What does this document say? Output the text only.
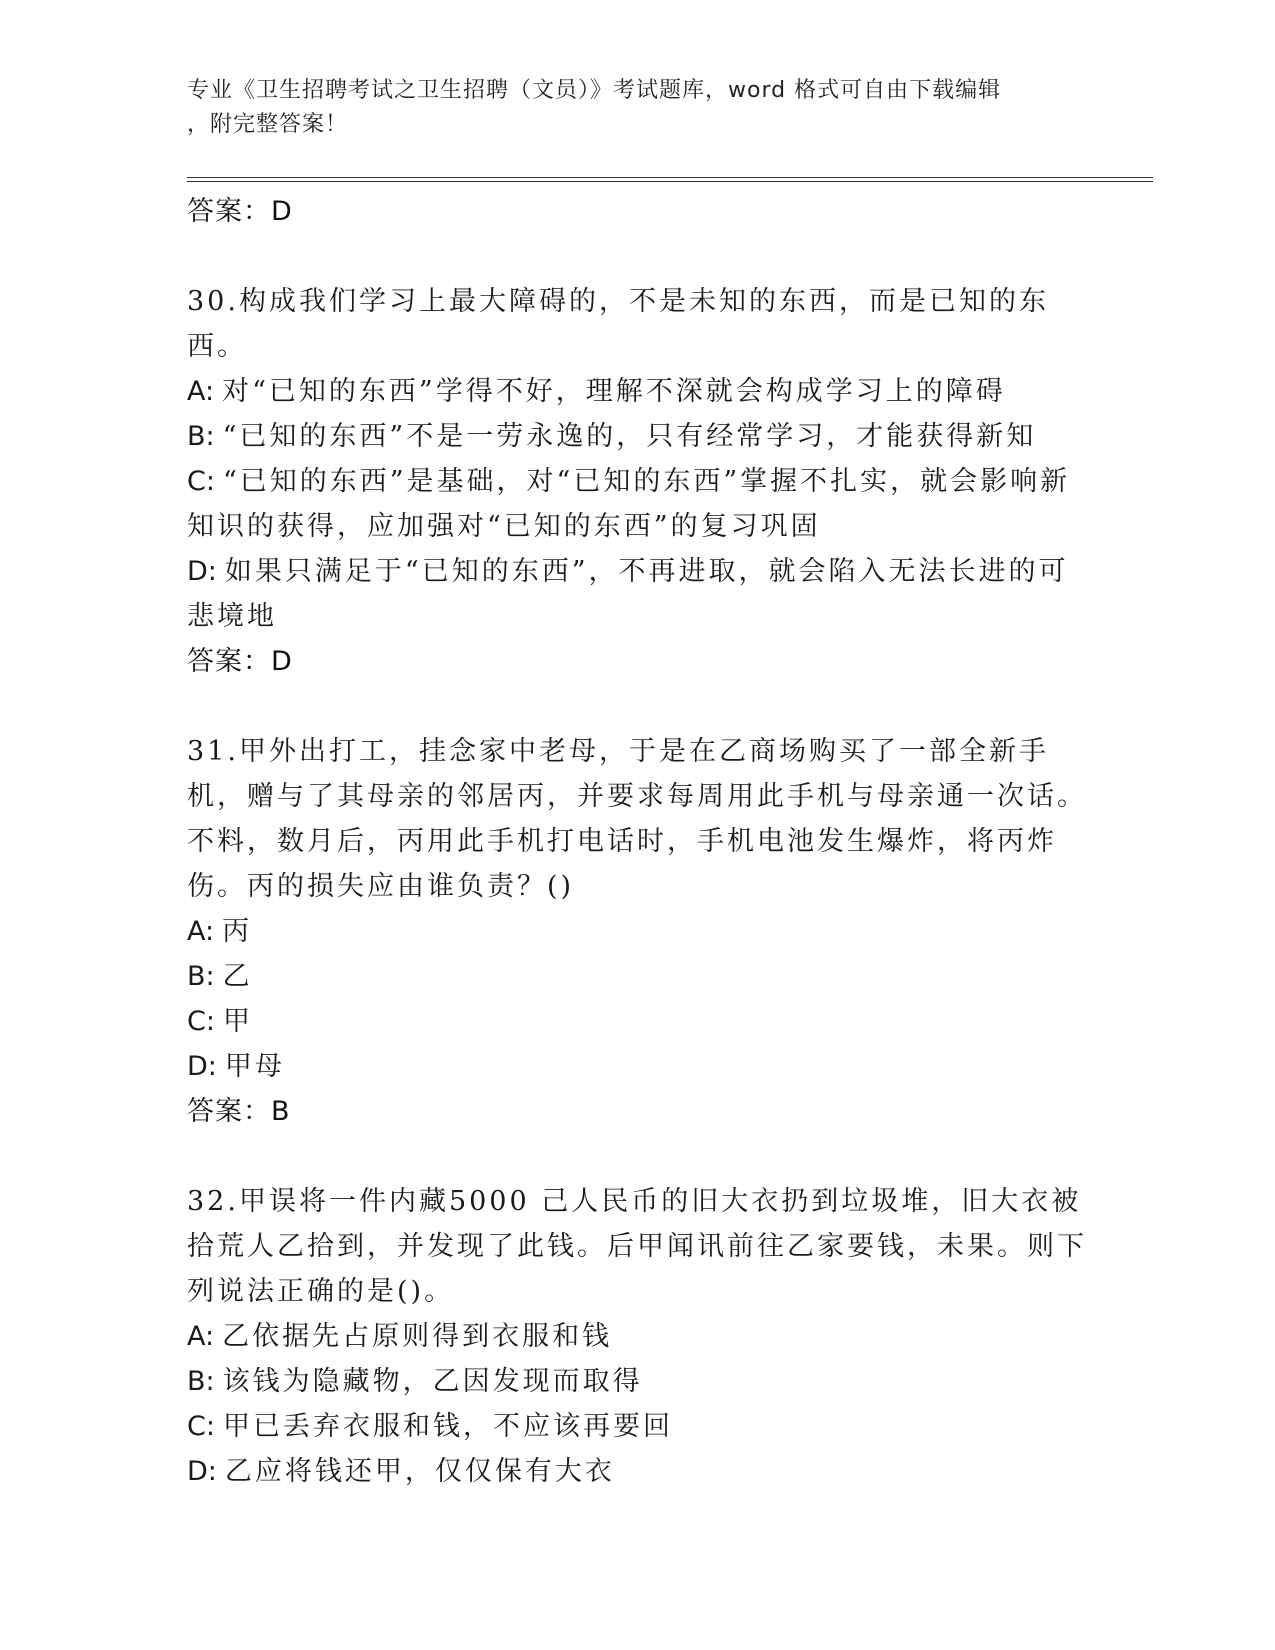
专业《卫生招聘考试之卫生招聘（文员）》考试题库，word 格式可自由下载编辑
，附完整答案！
答案：D
30.构成我们学习上最大障碍的，不是未知的东西，而是已知的东西。
A: 对“已知的东西”学得不好，理解不深就会构成学习上的障碍
B: “已知的东西”不是一劳永逸的，只有经常学习，才能获得新知
C: “已知的东西”是基础，对“已知的东西”掌握不扎实，就会影响新知识的获得，应加强对“已知的东西”的复习巩固
D: 如果只满足于“已知的东西”，不再进取，就会陷入无法长进的可悲境地
答案：D
31.甲外出打工，挂念家中老母，于是在乙商场购买了一部全新手机，赠与了其母亲的邻居丙，并要求每周用此手机与母亲通一次话。不料，数月后，丙用此手机打电话时，手机电池发生爆炸，将丙炸伤。丙的损失应由谁负责？()
A: 丙
B: 乙
C: 甲
D: 甲母
答案：B
32.甲误将一件内藏5000 己人民币的旧大衣扔到垃圾堆，旧大衣被拾荒人乙拾到，并发现了此钱。后甲闻讯前往乙家要钱，未果。则下列说法正确的是()。
A: 乙依据先占原则得到衣服和钱
B: 该钱为隐藏物，乙因发现而取得
C: 甲已丢弃衣服和钱，不应该再要回
D: 乙应将钱还甲，仅仅保有大衣
